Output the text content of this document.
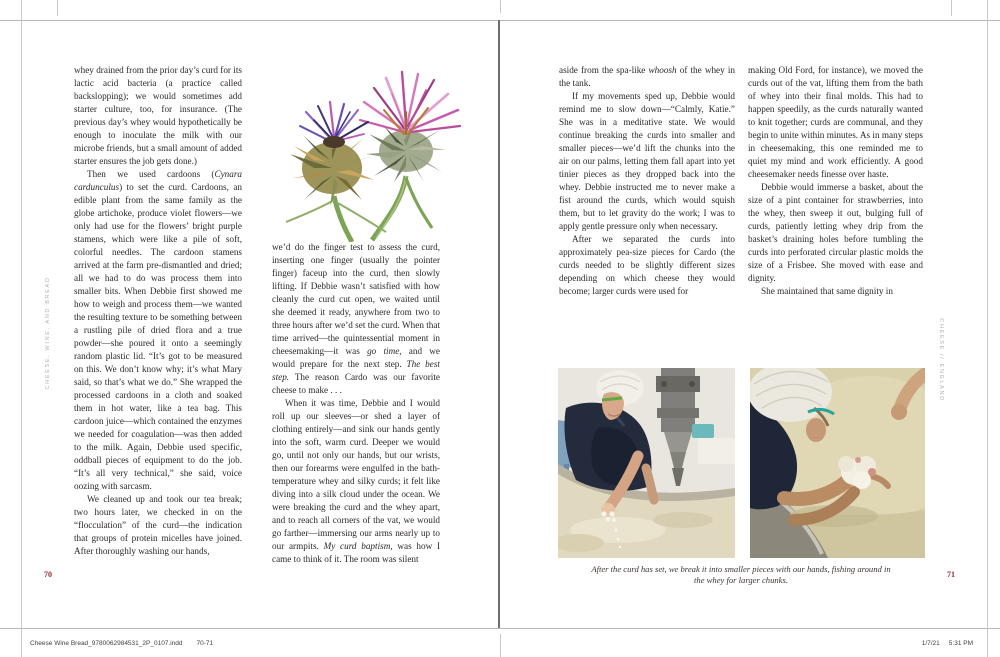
CHEESE, WINE, AND BREAD
70

whey drained from the prior day’s curd for its lactic acid bacteria (a practice called backslopping); we would sometimes add starter culture, too, for insurance. (The previous day’s whey would hypothetically be enough to inoculate the milk with our microbe friends, but a small amount of added starter ensures the job gets done.)

Then we used cardoons (Cynara cardunculus) to set the curd. Cardoons, an edible plant from the same family as the globe artichoke, produce violet flowers—we only had use for the flowers’ bright purple stamens, which were like a pile of soft, colorful needles. The cardoon stamens arrived at the farm pre-dismantled and dried; all we had to do was process them into smaller bits. When Debbie first showed me how to weigh and process them—we wanted the resulting texture to be something between a rustling pile of dried flora and a true powder—she poured it onto a seemingly random plastic lid. “It’s got to be measured on this. We don’t know why; it’s what Mary said, so that’s what we do.” She wrapped the processed cardoons in a cloth and soaked them in hot water, like a tea bag. This cardoon juice—which contained the enzymes we needed for coagulation—was then added to the milk. Again, Debbie used specific, oddball pieces of equipment to do the job. “It’s all very technical,” she said, voice oozing with sarcasm.

We cleaned up and took our tea break; two hours later, we checked in on the “flocculation” of the curd—the indication that groups of protein micelles have joined. After thoroughly washing our hands,

we’d do the finger test to assess the curd, inserting one finger (usually the pointer finger) faceup into the curd, then slowly lifting. If Debbie wasn’t satisfied with how cleanly the curd cut open, we waited until she deemed it ready, anywhere from two to three hours after we’d set the curd. When that time arrived—the quintessential moment in cheesemaking—it was go time, and we would prepare for the next step. The best step. The reason Cardo was our favorite cheese to make . . .

When it was time, Debbie and I would roll up our sleeves—or shed a layer of clothing entirely—and sink our hands gently into the soft, warm curd. Deeper we would go, until not only our hands, but our wrists, then our forearms were engulfed in the bath-temperature whey and silky curds; it felt like diving into a silk cloud under the ocean. We were breaking the curd and the whey apart, and to reach all corners of the vat, we would go farther—immersing our arms nearly up to our armpits. My curd baptism, was how I came to think of it. The room was silent

CHEESE // ENGLAND
71

aside from the spa-like whoosh of the whey in the tank.

If my movements sped up, Debbie would remind me to slow down—“Calmly, Katie.” She was in a meditative state. We would continue breaking the curds into smaller and smaller pieces—we’d lift the chunks into the air on our palms, letting them fall apart into yet tinier pieces as they dropped back into the whey. Debbie instructed me to never make a fist around the curds, which would squish them, but to let gravity do the work; I was to apply gentle pressure only when necessary.

After we separated the curds into approximately pea-size pieces for Cardo (the curds needed to be slightly different sizes depending on which cheese they would become; larger curds were used for

making Old Ford, for instance), we moved the curds out of the vat, lifting them from the bath of whey into their final molds. This had to happen speedily, as the curds naturally wanted to knit together; curds are communal, and they begin to unite within minutes. As in many steps in cheesemaking, this one reminded me to quiet my mind and work efficiently. A good cheesemaker needs finesse over haste.

Debbie would immerse a basket, about the size of a pint container for strawberries, into the whey, then sweep it out, bulging full of curds, patiently letting whey drip from the basket’s draining holes before tumbling the curds into perforated circular plastic molds the size of a Frisbee. She moved with ease and dignity.

She maintained that same dignity in

After the curd has set, we break it into smaller pieces with our hands, fishing around in the whey for larger chunks.
Cheese Wine Bread_9780062984531_2P_0107.indd 70-71	1/7/21 5:31 PM
